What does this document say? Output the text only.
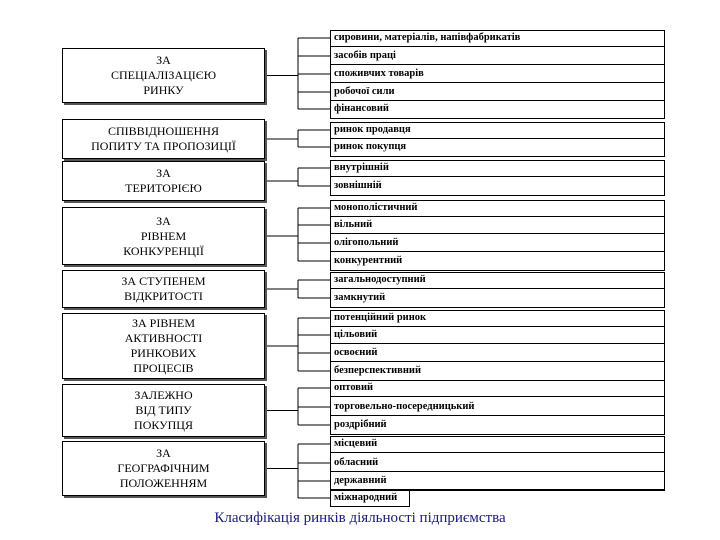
ЗА
СПЕЦІАЛІЗАЦІЄЮ
РИНКУ
сировини, матеріалів, напівфабрикатів
засобів праці
споживчих товарів
робочої сили
фінансовий
СПІВВІДНОШЕННЯ
ПОПИТУ ТА ПРОПОЗИЦІЇ
ринок продавця
ринок покупця
ЗА
ТЕРИТОРІЄЮ
внутрішній
зовнішній
ЗА
РІВНЕМ
КОНКУРЕНЦІЇ
монополістичний
вільний
олігопольний
конкурентний
ЗА СТУПЕНЕМ
ВІДКРИТОСТІ
загальнодоступний
замкнутий
ЗА РІВНЕМ
АКТИВНОСТІ
РИНКОВИХ
ПРОЦЕСІВ
потенційний ринок
цільовий
освоєний
безперспективний
ЗАЛЕЖНО
ВІД ТИПУ
ПОКУПЦЯ
оптовий
торговельно-посередницький
роздрібний
ЗА
ГЕОГРАФІЧНИМ
ПОЛОЖЕННЯМ
місцевий
обласний
державний
міжнародний
Класифікація ринків діяльності підприємства
